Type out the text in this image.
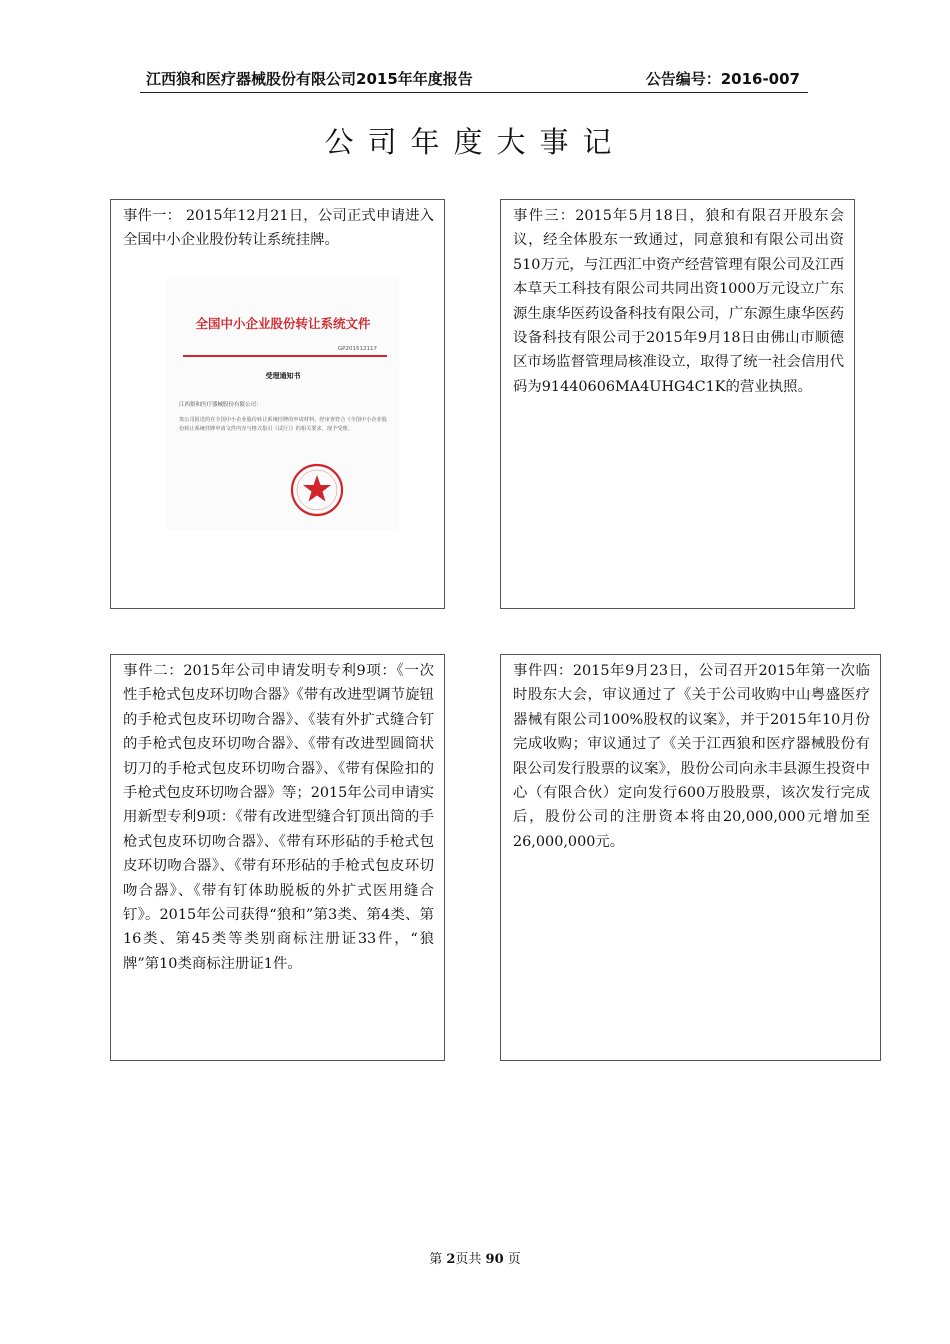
江西狼和医疗器械股份有限公司2015年年度报告	公告编号：2016-007
公司年度大事记
事件一： 2015年12月21日，公司正式申请进入全国中小企业股份转让系统挂牌。
全国中小企业股份转让系统文件
GP201512117
受理通知书
江西狼和医疗器械股份有限公司：
贵公司报送的在全国中小企业股份转让系统挂牌的申请材料，经审查符合《全国中小企业股份转让系统挂牌申请文件内容与格式指引（试行）》的相关要求，现予受理。
事件三：2015年5月18日，狼和有限召开股东会议，经全体股东一致通过，同意狼和有限公司出资510万元，与江西汇中资产经营管理有限公司及江西本草天工科技有限公司共同出资1000万元设立广东源生康华医药设备科技有限公司，广东源生康华医药设备科技有限公司于2015年9月18日由佛山市顺德区市场监督管理局核准设立，取得了统一社会信用代码为91440606MA4UHG4C1K的营业执照。
事件二：2015年公司申请发明专利9项：《一次性手枪式包皮环切吻合器》《带有改进型调节旋钮的手枪式包皮环切吻合器》、《装有外扩式缝合钉的手枪式包皮环切吻合器》、《带有改进型圆筒状切刀的手枪式包皮环切吻合器》、《带有保险扣的手枪式包皮环切吻合器》等；2015年公司申请实用新型专利9项：《带有改进型缝合钉顶出筒的手枪式包皮环切吻合器》、《带有环形砧的手枪式包皮环切吻合器》、《带有环形砧的手枪式包皮环切吻合器》、《带有钉体助脱板的外扩式医用缝合钉》。2015年公司获得“狼和”第3类、第4类、第16类、第45类等类别商标注册证33件，“狼牌”第10类商标注册证1件。
事件四：2015年9月23日，公司召开2015年第一次临时股东大会，审议通过了《关于公司收购中山粤盛医疗器械有限公司100%股权的议案》，并于2015年10月份完成收购；审议通过了《关于江西狼和医疗器械股份有限公司发行股票的议案》，股份公司向永丰县源生投资中心（有限合伙）定向发行600万股股票，该次发行完成后，股份公司的注册资本将由20,000,000元增加至26,000,000元。
第 2页共 90 页
